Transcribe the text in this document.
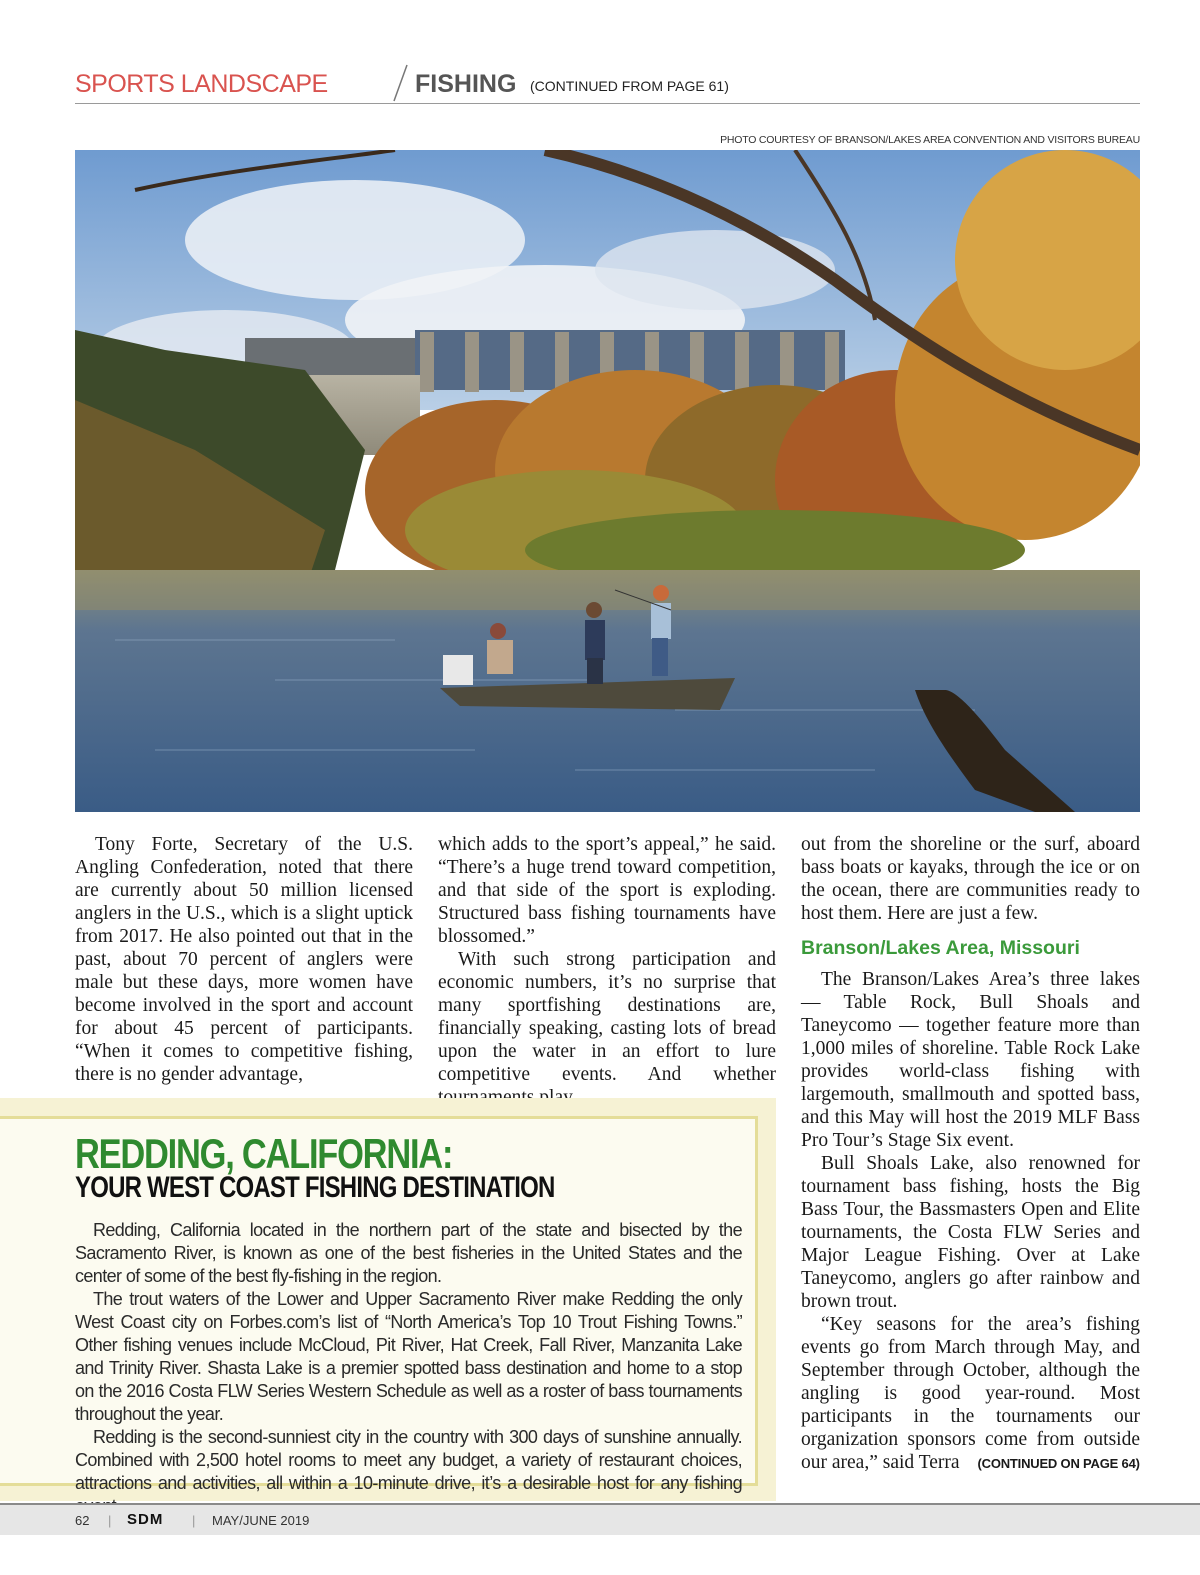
SPORTS LANDSCAPE	FISHING (CONTINUED FROM PAGE 61)
PHOTO COURTESY OF BRANSON/LAKES AREA CONVENTION AND VISITORS BUREAU

Tony Forte, Secretary of the U.S. Angling Confederation, noted that there are currently about 50 million licensed anglers in the U.S., which is a slight uptick from 2017. He also pointed out that in the past, about 70 percent of anglers were male but these days, more women have become involved in the sport and account for about 45 percent of participants. “When it comes to competitive fishing, there is no gender advantage,

which adds to the sport’s appeal,” he said. “There’s a huge trend toward competition, and that side of the sport is exploding. Structured bass fishing tournaments have blossomed.”

With such strong participation and economic numbers, it’s no surprise that many sportfishing destinations are, financially speaking, casting lots of bread upon the water in an effort to lure competitive events. And whether

out from the shoreline or the surf, aboard bass boats or kayaks, through the ice or on the ocean, there are communities ready to host them. Here are just a few.

Branson/Lakes Area, Missouri

The Branson/Lakes Area’s three lakes — Table Rock, Bull Shoals and Taneycomo — together feature more than 1,000 miles of shoreline. Table Rock Lake provides world-class fishing with largemouth, smallmouth and spotted bass, and this May will host the 2019 MLF Bass Pro Tour’s Stage Six event.

Bull Shoals Lake, also renowned for tournament bass fishing, hosts the Big Bass Tour, the Bassmasters Open and Elite tournaments, the Costa FLW Series and Major League Fishing. Over at Lake Taneycomo, anglers go after rainbow and brown trout.

“Key seasons for the area’s fishing events go from March through May, and September through October, although the angling is good year-round. Most participants in the tournaments our organization sponsors come from outside our area,” said Terra (CONTINUED ON PAGE 64)

REDDING, CALIFORNIA:
YOUR WEST COAST FISHING DESTINATION

Redding, California located in the northern part of the state and bisected by the Sacramento River, is known as one of the best fisheries in the United States and the center of some of the best fly-fishing in the region.

The trout waters of the Lower and Upper Sacramento River make Redding the only West Coast city on Forbes.com’s list of “North America’s Top 10 Trout Fishing Towns.” Other fishing venues include McCloud, Pit River, Hat Creek, Fall River, Manzanita Lake and Trinity River. Shasta Lake is a premier spotted bass destination and home to a stop on the 2016 Costa FLW Series Western Schedule as well as a roster of bass tournaments throughout the year.

Redding is the second-sunniest city in the country with 300 days of sunshine annually. Combined with 2,500 hotel rooms to meet any budget, a variety of restaurant choices, attractions and activities, all within a 10-minute drive, it’s a desirable host for any fishing

62 | SDM | MAY/JUNE 2019
